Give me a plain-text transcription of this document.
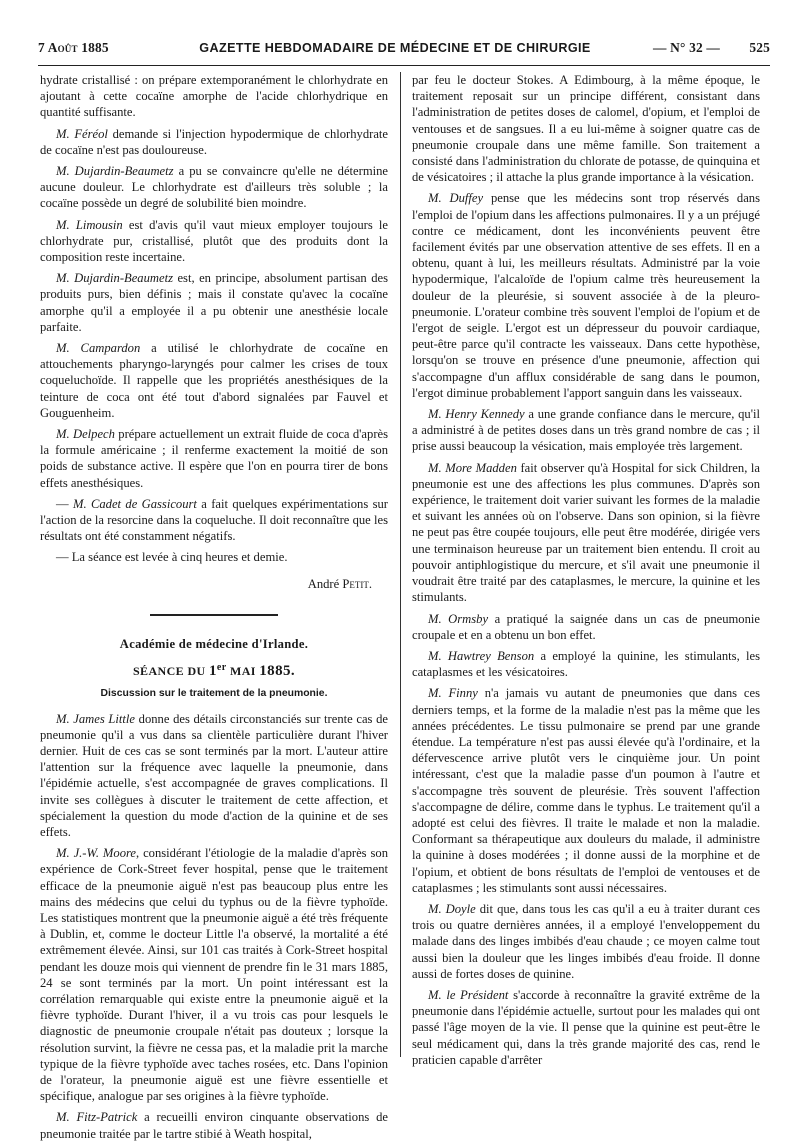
7 Août 1885	GAZETTE HEBDOMADAIRE DE MÉDECINE ET DE CHIRURGIE	— N° 32 —	525

hydrate cristallisé : on prépare extemporanément le chlorhydrate en ajoutant à cette cocaïne amorphe de l'acide chlorhydrique en quantité suffisante.

M. Féréol demande si l'injection hypodermique de chlorhydrate de cocaïne n'est pas douloureuse.

M. Dujardin-Beaumetz a pu se convaincre qu'elle ne détermine aucune douleur. Le chlorhydrate est d'ailleurs très soluble ; la cocaïne possède un degré de solubilité bien moindre.

M. Limousin est d'avis qu'il vaut mieux employer toujours le chlorhydrate pur, cristallisé, plutôt que des produits dont la composition reste incertaine.

M. Dujardin-Beaumetz est, en principe, absolument partisan des produits purs, bien définis ; mais il constate qu'avec la cocaïne amorphe qu'il a employée il a pu obtenir une anesthésie locale parfaite.

M. Campardon a utilisé le chlorhydrate de cocaïne en attouchements pharyngo-laryngés pour calmer les crises de toux coqueluchoïde. Il rappelle que les propriétés anesthésiques de la teinture de coca ont été tout d'abord signalées par Fauvel et Gouguenheim.

M. Delpech prépare actuellement un extrait fluide de coca d'après la formule américaine ; il renferme exactement la moitié de son poids de substance active. Il espère que l'on en pourra tirer de bons effets anesthésiques.

— M. Cadet de Gassicourt a fait quelques expérimentations sur l'action de la resorcine dans la coqueluche. Il doit reconnaître que les résultats ont été constamment négatifs.

— La séance est levée à cinq heures et demie.

André Petit.
Académie de médecine d'Irlande.
SÉANCE DU 1er MAI 1885.
Discussion sur le traitement de la pneumonie.

M. James Little donne des détails circonstanciés sur trente cas de pneumonie qu'il a vus dans sa clientèle particulière durant l'hiver dernier. Huit de ces cas se sont terminés par la mort. L'auteur attire l'attention sur la fréquence avec laquelle la pneumonie, dans l'épidémie actuelle, s'est accompagnée de graves complications. Il invite ses collègues à discuter le traitement de cette affection, et spécialement la question du mode d'action de la quinine et de ses effets.

M. J.-W. Moore, considérant l'étiologie de la maladie d'après son expérience de Cork-Street fever hospital, pense que le traitement efficace de la pneumonie aiguë n'est pas beaucoup plus entre les mains des médecins que celui du typhus ou de la fièvre typhoïde. Les statistiques montrent que la pneumonie aiguë a été très fréquente à Dublin, et, comme le docteur Little l'a observé, la mortalité a été extrêmement élevée. Ainsi, sur 101 cas traités à Cork-Street hospital pendant les douze mois qui viennent de prendre fin le 31 mars 1885, 24 se sont terminés par la mort. Un point intéressant est la corrélation remarquable qui existe entre la pneumonie aiguë et la fièvre typhoïde. Durant l'hiver, il a vu trois cas pour lesquels le diagnostic de pneumonie croupale n'était pas douteux ; lorsque la résolution survint, la fièvre ne cessa pas, et la maladie prit la marche typique de la fièvre typhoïde avec taches rosées, etc. Dans l'opinion de l'orateur, la pneumonie aiguë est une fièvre essentielle et spécifique, analogue par ses origines à la fièvre typhoïde.

M. Fitz-Patrick a recueilli environ cinquante observations de pneumonie traitée par le tartre stibié à Weath hospital,

par feu le docteur Stokes. A Edimbourg, à la même époque, le traitement reposait sur un principe différent, consistant dans l'administration de petites doses de calomel, d'opium, et l'emploi de ventouses et de sangsues. Il a eu lui-même à soigner quatre cas de pneumonie croupale dans une même famille. Son traitement a consisté dans l'administration du chlorate de potasse, de quinquina et de vésicatoires ; il attache la plus grande importance à la vésication.

M. Duffey pense que les médecins sont trop réservés dans l'emploi de l'opium dans les affections pulmonaires. Il y a un préjugé contre ce médicament, dont les inconvénients peuvent être facilement évités par une observation attentive de ses effets. Il en a obtenu, quant à lui, les meilleurs résultats. Administré par la voie hypodermique, l'alcaloïde de l'opium calme très heureusement la douleur de la pleurésie, si souvent associée à de la pleuro-pneumonie. L'orateur combine très souvent l'emploi de l'opium et de l'ergot de seigle. L'ergot est un dépresseur du pouvoir cardiaque, peut-être parce qu'il contracte les vaisseaux. Dans cette hypothèse, lorsqu'on se trouve en présence d'une pneumonie, affection qui s'accompagne d'un afflux considérable de sang dans le poumon, l'ergot diminue probablement l'apport sanguin dans les vaisseaux.

M. Henry Kennedy a une grande confiance dans le mercure, qu'il a administré à de petites doses dans un très grand nombre de cas ; il prise aussi beaucoup la vésication, mais employée très largement.

M. More Madden fait observer qu'à Hospital for sick Children, la pneumonie est une des affections les plus communes. D'après son expérience, le traitement doit varier suivant les formes de la maladie et suivant les années où on l'observe. Dans son opinion, si la fièvre ne peut pas être coupée toujours, elle peut être modérée, dirigée vers une terminaison heureuse par un traitement bien entendu. Il croit au pouvoir antiphlogistique du mercure, et s'il avait une pneumonie il voudrait être traité par des cataplasmes, le mercure, la quinine et les stimulants.

M. Ormsby a pratiqué la saignée dans un cas de pneumonie croupale et en a obtenu un bon effet.

M. Hawtrey Benson a employé la quinine, les stimulants, les cataplasmes et les vésicatoires.

M. Finny n'a jamais vu autant de pneumonies que dans ces derniers temps, et la forme de la maladie n'est pas la même que les années précédentes. Le tissu pulmonaire se prend par une grande étendue. La température n'est pas aussi élevée qu'à l'ordinaire, et la défervescence arrive plutôt vers le cinquième jour. Un point intéressant, c'est que la maladie passe d'un poumon à l'autre et s'accompagne très souvent de pleurésie. Très souvent l'affection s'accompagne de délire, comme dans le typhus. Le traitement qu'il a adopté est celui des fièvres. Il traite le malade et non la maladie. Conformant sa thérapeutique aux douleurs du malade, il administre la quinine à doses modérées ; il donne aussi de la morphine et de l'opium, et obtient de bons résultats de l'emploi de ventouses et de cataplasmes ; les stimulants sont aussi nécessaires.

M. Doyle dit que, dans tous les cas qu'il a eu à traiter durant ces trois ou quatre dernières années, il a employé l'enveloppement du malade dans des linges imbibés d'eau chaude ; ce moyen calme tout aussi bien la douleur que les linges imbibés d'eau froide. Il donne aussi de fortes doses de quinine.

M. le Président s'accorde à reconnaître la gravité extrême de la pneumonie dans l'épidémie actuelle, surtout pour les malades qui ont passé l'âge moyen de la vie. Il pense que la quinine est peut-être le seul médicament qui, dans la très grande majorité des cas, rend le praticien capable d'arrêter
